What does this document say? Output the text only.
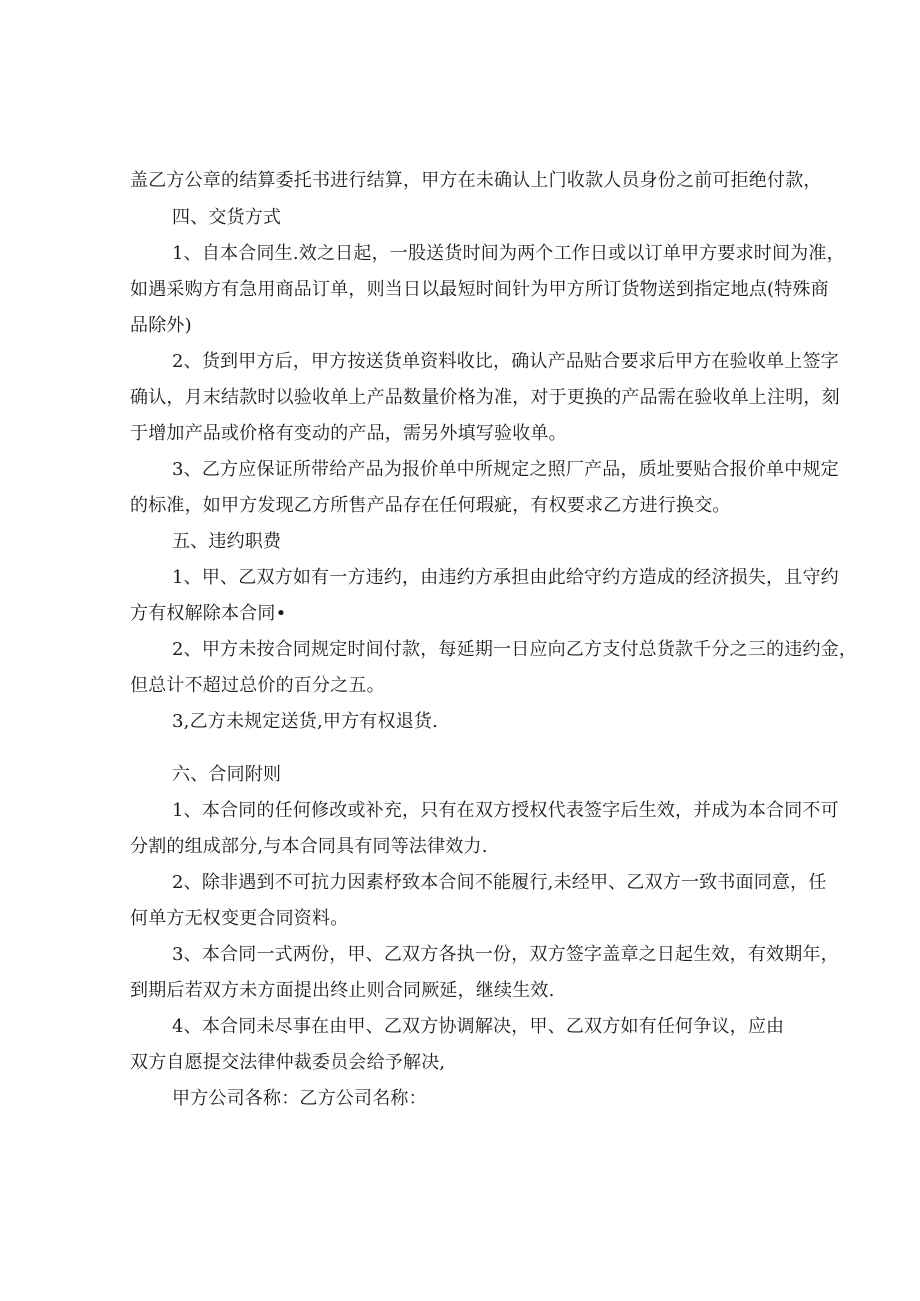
盖乙方公章的结算委托书进行结算，甲方在未确认上门收款人员身份之前可拒绝付款，
四、交货方式
1、自本合同生.效之日起，一股送货时间为两个工作日或以订单甲方要求时间为准，
如遇采购方有急用商品订单，则当日以最短时间针为甲方所订货物送到指定地点(特殊商
品除外)
2、货到甲方后，甲方按送货单资料收比，确认产品贴合要求后甲方在验收单上签字
确认，月末结款时以验收单上产品数量价格为准，对于更换的产品需在验收单上注明，刻
于增加产品或价格有变动的产品，需另外填写验收单。
3、乙方应保证所带给产品为报价单中所规定之照厂产品，质址要贴合报价单中规定
的标准，如甲方发现乙方所售产品存在任何瑕疵，有权要求乙方进行换交。
五、违约职费
1、甲、乙双方如有一方违约，由违约方承担由此给守约方造成的经济损失，且守约
方有权解除本合同•
2、甲方未按合同规定时间付款，每延期一日应向乙方支付总货款千分之三的违约金，
但总计不超过总价的百分之五。
3,乙方未规定送货,甲方有权退货.
六、合同附则
1、本合同的任何修改或补充，只有在双方授权代表签字后生效，并成为本合同不可
分割的组成部分,与本合同具有同等法律效力.
2、除非遇到不可抗力因素杼致本合间不能履行,未经甲、乙双方一致书面同意，任
何单方无权变更合同资料。
3、本合同一式两份，甲、乙双方各执一份，双方签字盖章之日起生效，有效期年，
到期后若双方未方面提出终止则合同厥延，继续生效.
4、本合同未尽事在由甲、乙双方协调解决，甲、乙双方如有任何争议，应由
双方自愿提交法律仲裁委员会给予解决,
甲方公司各称：乙方公司名称：
